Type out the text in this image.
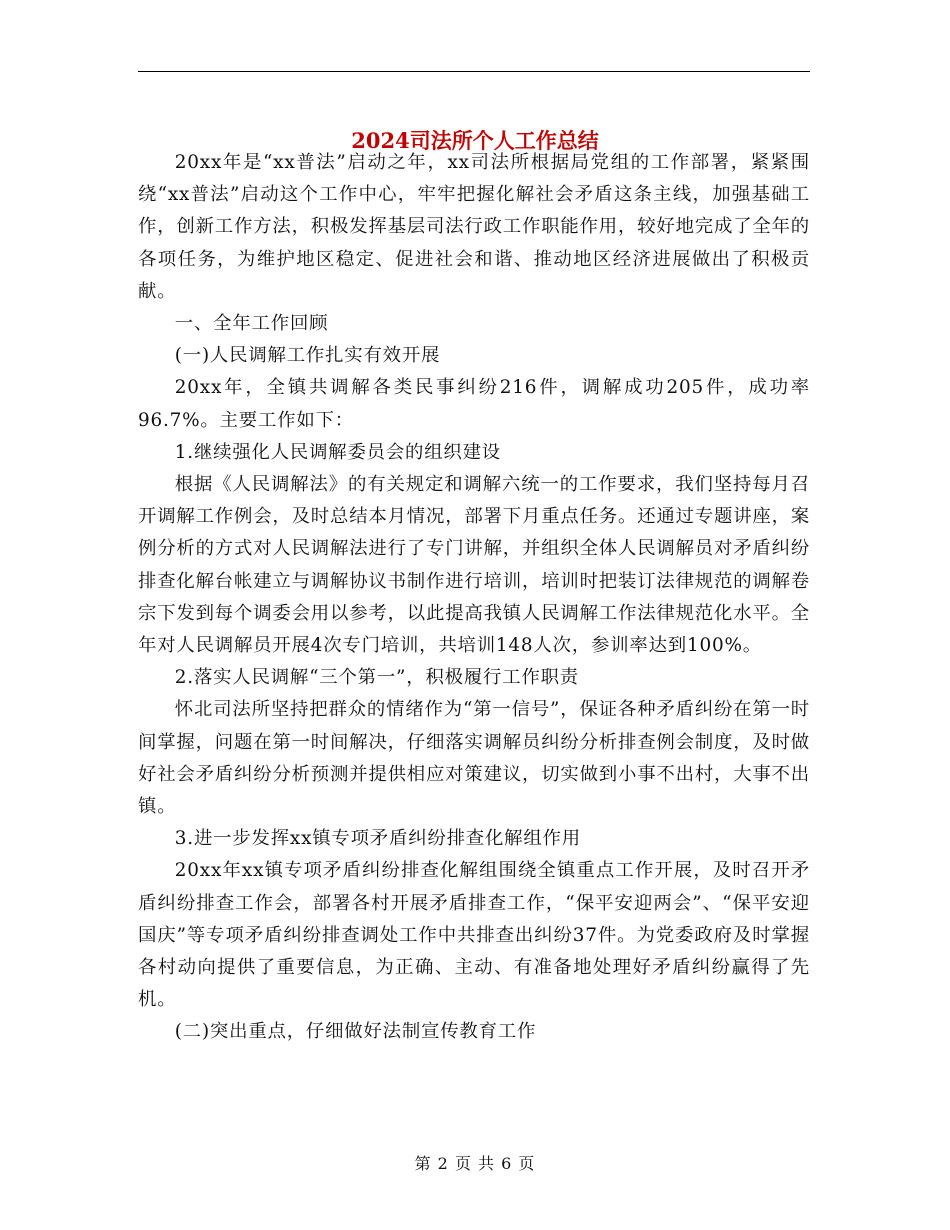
2024司法所个人工作总结

20xx年是“xx普法”启动之年，xx司法所根据局党组的工作部署，紧紧围绕“xx普法”启动这个工作中心，牢牢把握化解社会矛盾这条主线，加强基础工作，创新工作方法，积极发挥基层司法行政工作职能作用，较好地完成了全年的各项任务，为维护地区稳定、促进社会和谐、推动地区经济进展做出了积极贡献。

一、全年工作回顾

(一)人民调解工作扎实有效开展

20xx年，全镇共调解各类民事纠纷216件，调解成功205件，成功率96.7%。主要工作如下：

1.继续强化人民调解委员会的组织建设

根据《人民调解法》的有关规定和调解六统一的工作要求，我们坚持每月召开调解工作例会，及时总结本月情况，部署下月重点任务。还通过专题讲座，案例分析的方式对人民调解法进行了专门讲解，并组织全体人民调解员对矛盾纠纷排查化解台帐建立与调解协议书制作进行培训，培训时把装订法律规范的调解卷宗下发到每个调委会用以参考，以此提高我镇人民调解工作法律规范化水平。全年对人民调解员开展4次专门培训，共培训148人次，参训率达到100%。

2.落实人民调解“三个第一”，积极履行工作职责

怀北司法所坚持把群众的情绪作为“第一信号”，保证各种矛盾纠纷在第一时间掌握，问题在第一时间解决，仔细落实调解员纠纷分析排查例会制度，及时做好社会矛盾纠纷分析预测并提供相应对策建议，切实做到小事不出村，大事不出镇。

3.进一步发挥xx镇专项矛盾纠纷排查化解组作用

20xx年xx镇专项矛盾纠纷排查化解组围绕全镇重点工作开展，及时召开矛盾纠纷排查工作会，部署各村开展矛盾排查工作，“保平安迎两会”、“保平安迎国庆”等专项矛盾纠纷排查调处工作中共排查出纠纷37件。为党委政府及时掌握各村动向提供了重要信息，为正确、主动、有准备地处理好矛盾纠纷赢得了先机。

(二)突出重点，仔细做好法制宣传教育工作

第 2 页 共 6 页
